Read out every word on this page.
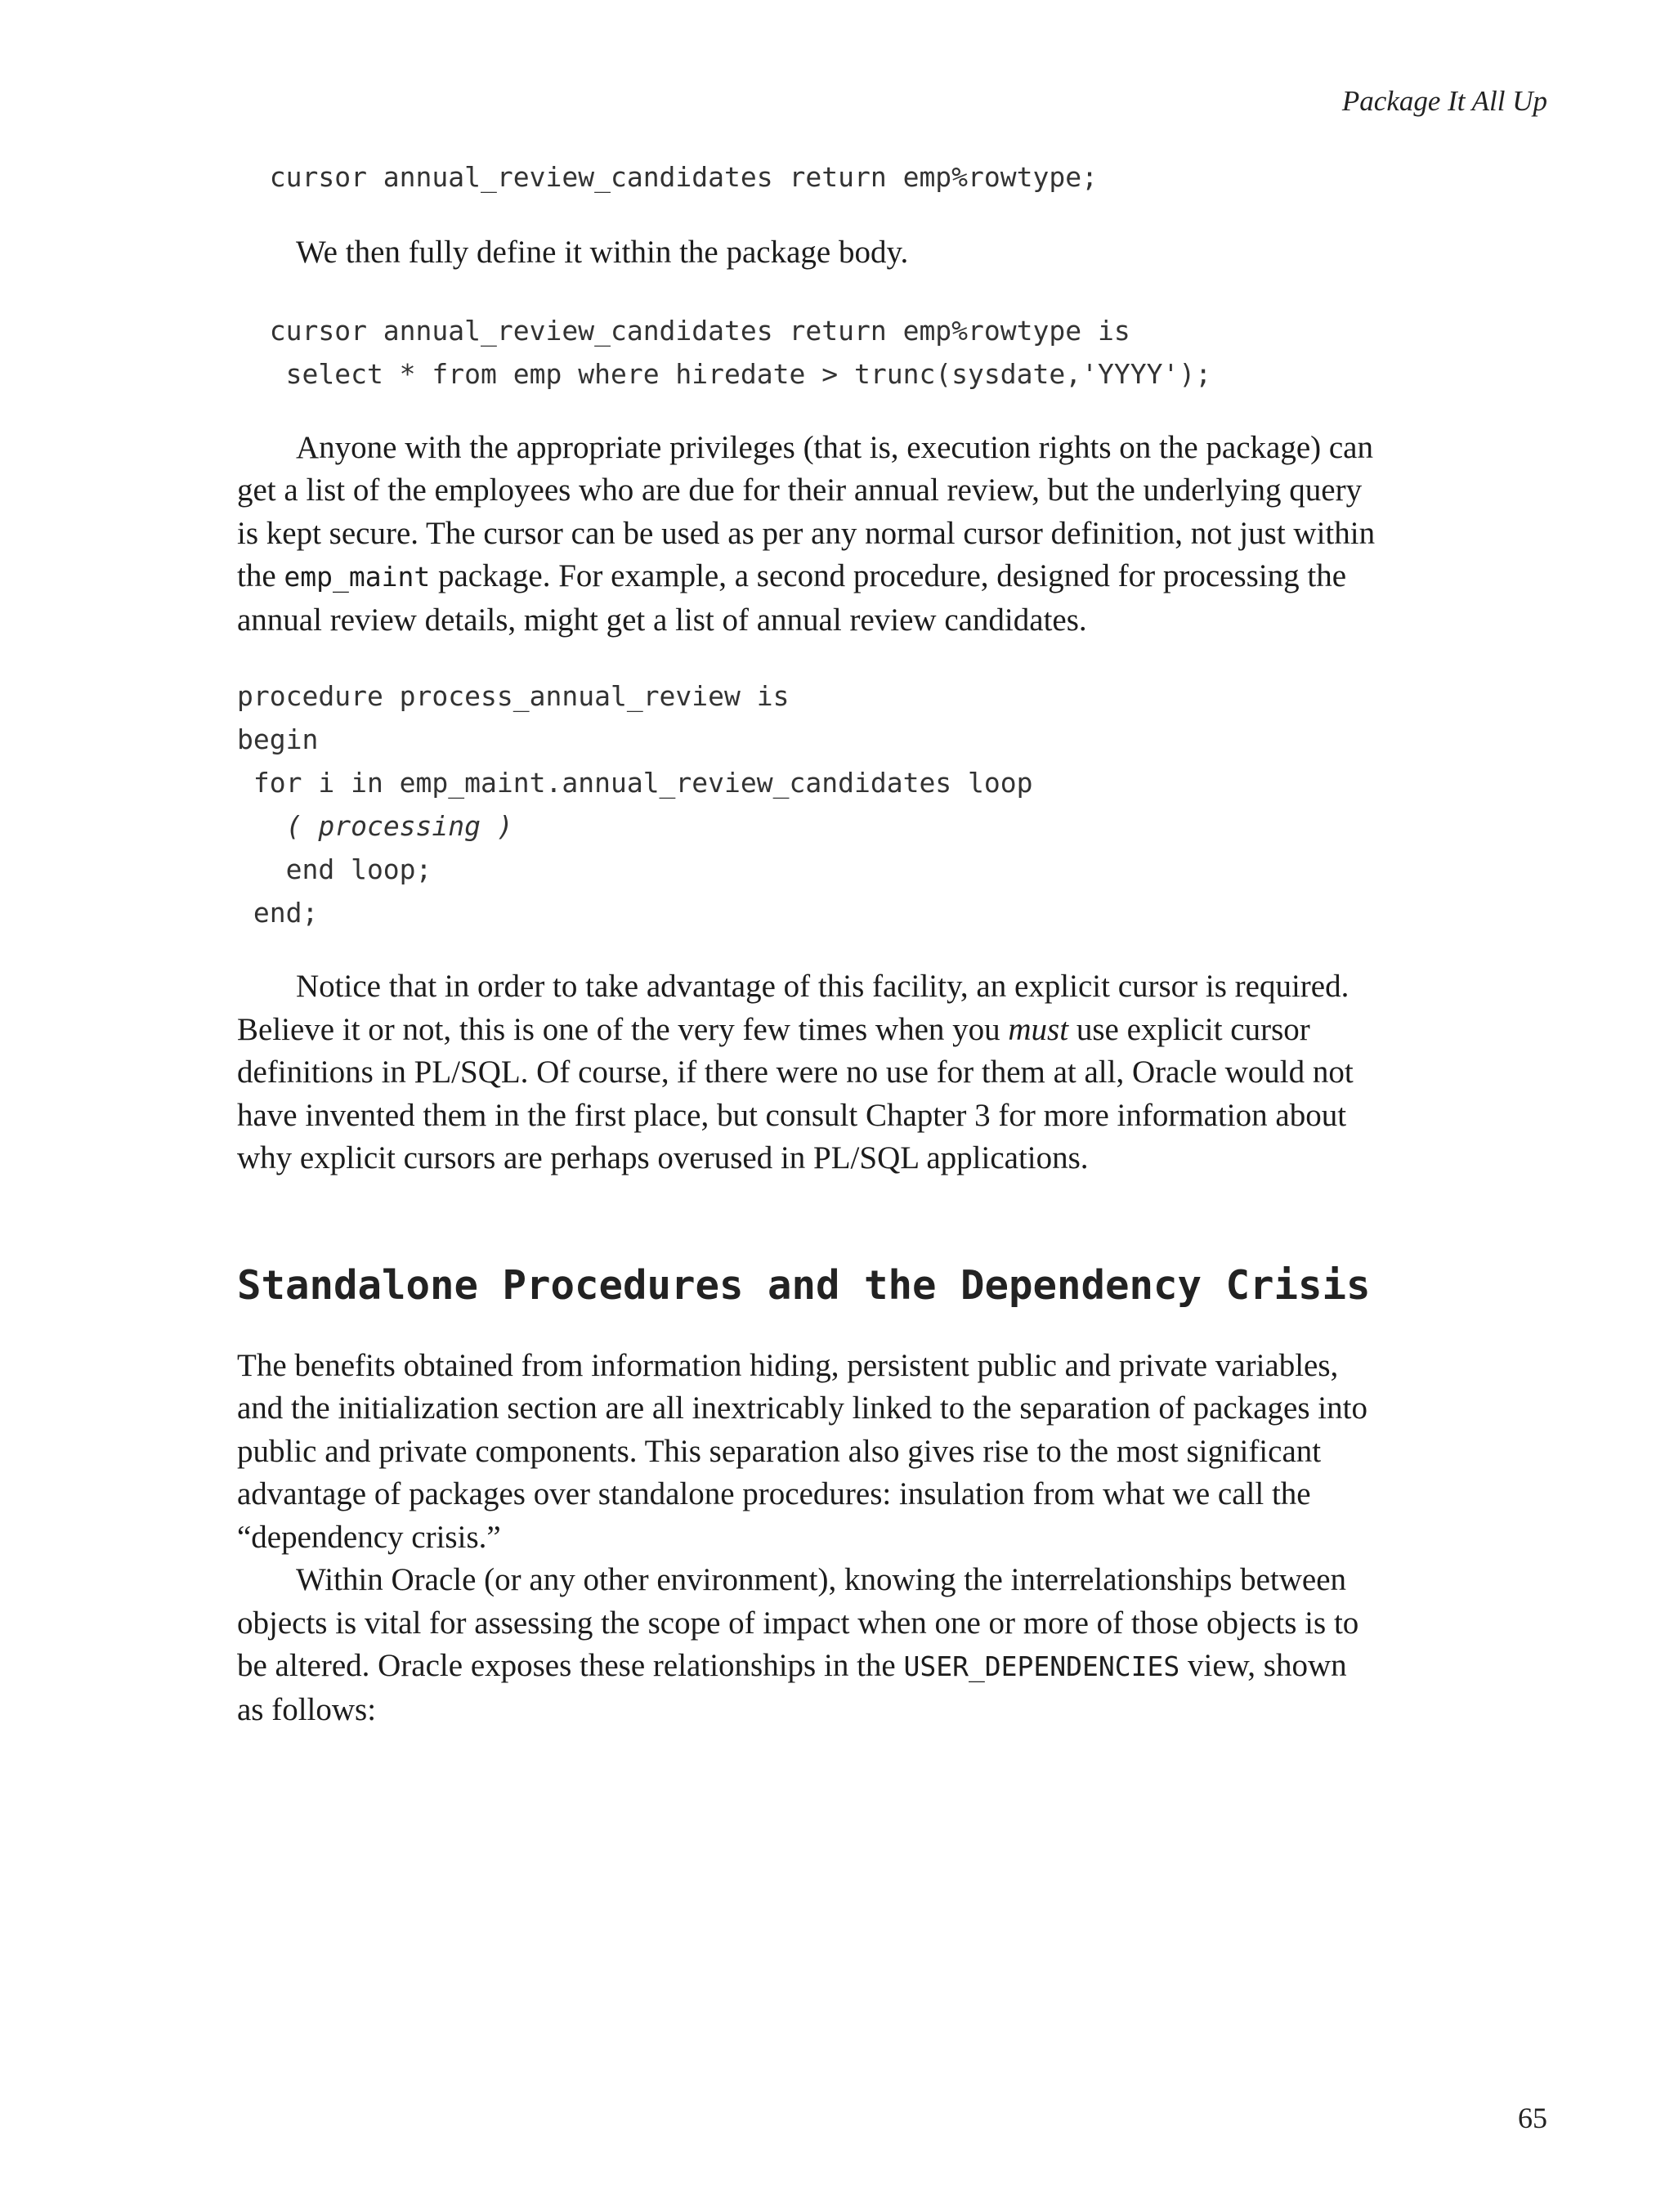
Package It All Up

cursor annual_review_candidates return emp%rowtype;

We then fully define it within the package body.

cursor annual_review_candidates return emp%rowtype is
select * from emp where hiredate > trunc(sysdate,'YYYY');

Anyone with the appropriate privileges (that is, execution rights on the package) can get a list of the employees who are due for their annual review, but the underlying query is kept secure. The cursor can be used as per any normal cursor definition, not just within the emp_maint package. For example, a second procedure, designed for processing the annual review details, might get a list of annual review candidates.

procedure process_annual_review is
begin
for i in emp_maint.annual_review_candidates loop
( processing )
end loop;
end;

Notice that in order to take advantage of this facility, an explicit cursor is required. Believe it or not, this is one of the very few times when you must use explicit cursor definitions in PL/SQL. Of course, if there were no use for them at all, Oracle would not have invented them in the first place, but consult Chapter 3 for more information about why explicit cursors are perhaps overused in PL/SQL applications.

Standalone Procedures and the Dependency Crisis

The benefits obtained from information hiding, persistent public and private variables, and the initialization section are all inextricably linked to the separation of packages into public and private components. This separation also gives rise to the most significant advantage of packages over standalone procedures: insulation from what we call the “dependency crisis.”

Within Oracle (or any other environment), knowing the interrelationships between objects is vital for assessing the scope of impact when one or more of those objects is to be altered. Oracle exposes these relationships in the USER_DEPENDENCIES view, shown as follows:

65
